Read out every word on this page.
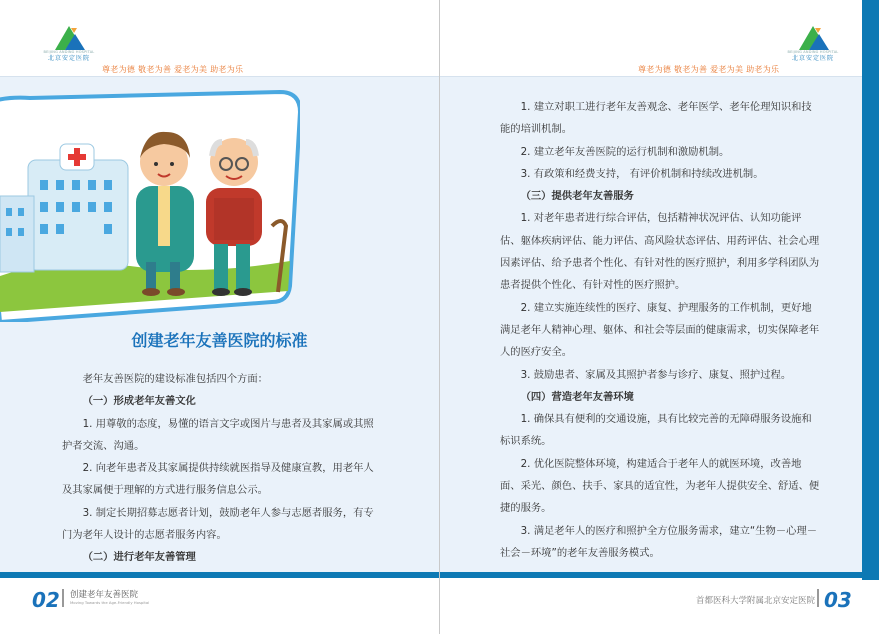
BEIJING ANDING HOSPITAL
北京安定医院
尊老为德 敬老为善 爱老为美 助老为乐
创建老年友善医院的标准

老年友善医院的建设标准包括四个方面：

（一）形成老年友善文化

1. 用尊敬的态度，易懂的语言文字或图片与患者及其家属或其照护者交流、沟通。

2. 向老年患者及其家属提供持续就医指导及健康宣教，用老年人及其家属便于理解的方式进行服务信息公示。

3. 制定长期招募志愿者计划，鼓励老年人参与志愿者服务，有专门为老年人设计的志愿者服务内容。

（二）进行老年友善管理

BEIJING ANDING HOSPITAL
北京安定医院
尊老为德 敬老为善 爱老为美 助老为乐

1. 建立对职工进行老年友善观念、老年医学、老年伦理知识和技能的培训机制。

2. 建立老年友善医院的运行机制和激励机制。

3. 有政策和经费支持， 有评价机制和持续改进机制。

（三）提供老年友善服务

1. 对老年患者进行综合评估，包括精神状况评估、认知功能评估、躯体疾病评估、能力评估、高风险状态评估、用药评估、社会心理因素评估、给予患者个性化、有针对性的医疗照护，利用多学科团队为患者提供个性化、有针对性的医疗照护。

2. 建立实施连续性的医疗、康复、护理服务的工作机制，更好地满足老年人精神心理、躯体、和社会等层面的健康需求，切实保障老年人的医疗安全。

3. 鼓励患者、家属及其照护者参与诊疗、康复、照护过程。

（四）营造老年友善环境

1. 确保具有便利的交通设施，具有比较完善的无障碍服务设施和标识系统。

2. 优化医院整体环境，构建适合于老年人的就医环境，改善地面、采光、颜色、扶手、家具的适宜性，为老年人提供安全、舒适、便捷的服务。

3. 满足老年人的医疗和照护全方位服务需求，建立“生物－心理－社会－环境”的老年友善服务模式。

02 创建老年友善医院
Moving Towards the Age-Friendly Hospital	首都医科大学附属北京安定医院 03
